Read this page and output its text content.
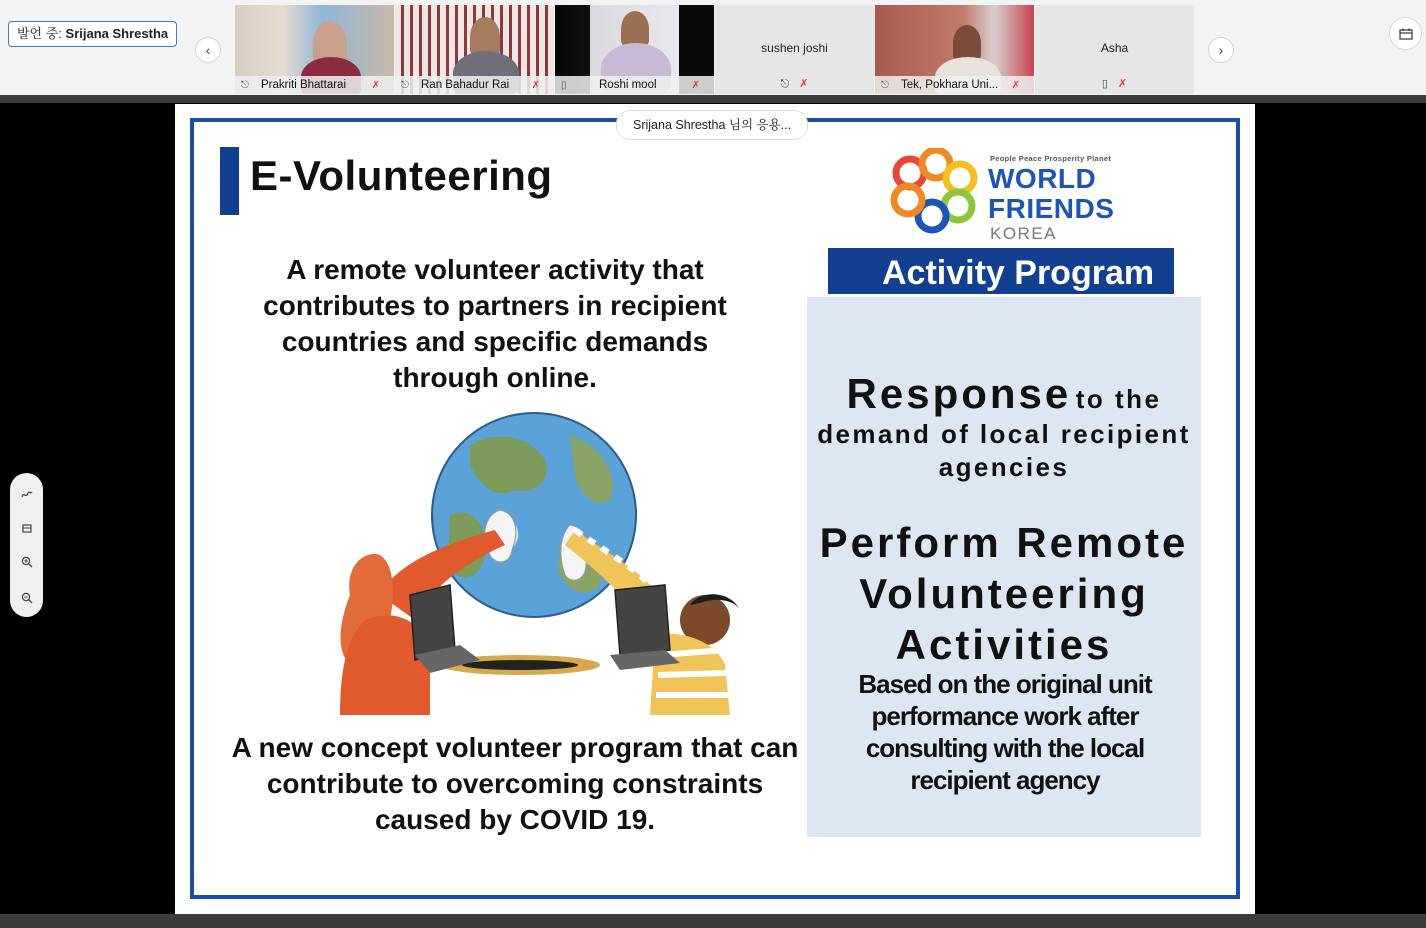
발언 중: Srijana Shrestha
‹
⎋	Prakriti Bhattarai	✗ ⎋	Ran Bahadur Rai ✗ ▯	Roshi mool	✗
sushen joshi
⎋ ✗	⎋	Tek, Pokhara Uni... ✗
Asha
▯ ✗
›
Srijana Shrestha 님의 응용...
E-Volunteering
A remote volunteer activity that contributes to partners in recipient countries and specific demands through online.
A new concept volunteer program that can contribute to overcoming constraints caused by COVID 19.
People Peace Prosperity Planet
WORLD
FRIENDS
KOREA
Activity Program
Response to the
demand of local recipient agencies
Perform Remote Volunteering Activities
Based on the original unit performance work after consulting with the local recipient agency
